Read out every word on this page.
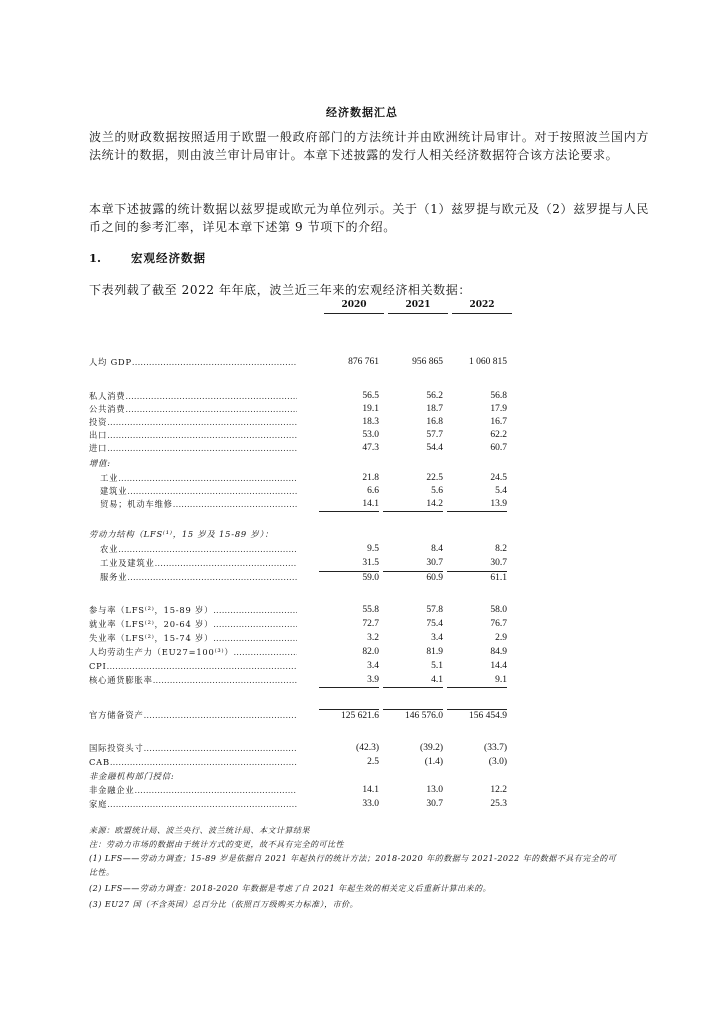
经济数据汇总

波兰的财政数据按照适用于欧盟一般政府部门的方法统计并由欧洲统计局审计。对于按照波兰国内方法统计的数据，则由波兰审计局审计。本章下述披露的发行人相关经济数据符合该方法论要求。

本章下述披露的统计数据以兹罗提或欧元为单位列示。关于（1）兹罗提与欧元及（2）兹罗提与人民币之间的参考汇率，详见本章下述第 9 节项下的介绍。

1.	宏观经济数据

下表列载了截至 2022 年年底，波兰近三年来的宏观经济相关数据：

2020	2021	2022
人均 GDP .....	876 761	956 865	1 060 815
私人消费 .....	56.5	56.2	56.8
公共消费 .....	19.1	18.7	17.9
投资 .....	18.3	16.8	16.7
出口 .....	53.0	57.7	62.2
进口 .....	47.3	54.4	60.7
增值:
工业 .....	21.8	22.5	24.5
建筑业 .....	6.6	5.6	5.4
贸易；机动车维修 .....	14.1	14.2	13.9
劳动力结构（LFS⁽¹⁾，15 岁及 15-89 岁）：
农业 .....	9.5	8.4	8.2
工业及建筑业 .....	31.5	30.7	30.7
服务业 .....	59.0	60.9	61.1
参与率（LFS⁽²⁾，15-89 岁） .....	55.8	57.8	58.0
就业率（LFS⁽²⁾，20-64 岁） .....	72.7	75.4	76.7
失业率（LFS⁽²⁾，15-74 岁） .....	3.2	3.4	2.9
人均劳动生产力（EU27=100⁽³⁾） .....	82.0	81.9	84.9
CPI .....	3.4	5.1	14.4
核心通货膨胀率 .....	3.9	4.1	9.1
官方储备资产 .....	125 621.6	146 576.0	156 454.9
国际投资头寸 .....	(42.3)	(39.2)	(33.7)
CAB .....	2.5	(1.4)	(3.0)
非金融机构部门授信:
非金融企业 .....	14.1	13.0	12.2
家庭 .....	33.0	30.7	25.3

来源：欧盟统计局、波兰央行、波兰统计局、本文计算结果

注：劳动力市场的数据由于统计方式的变更，故不具有完全的可比性

(1) LFS——劳动力调查；15-89 岁是依据自 2021 年起执行的统计方法；2018-2020 年的数据与 2021-2022 年的数据不具有完全的可

比性。

(2) LFS——劳动力调查：2018-2020 年数据是考虑了自 2021 年起生效的相关定义后重新计算出来的。

(3) EU27 国（不含英国）总百分比（依照百万级购买力标准），市价。
